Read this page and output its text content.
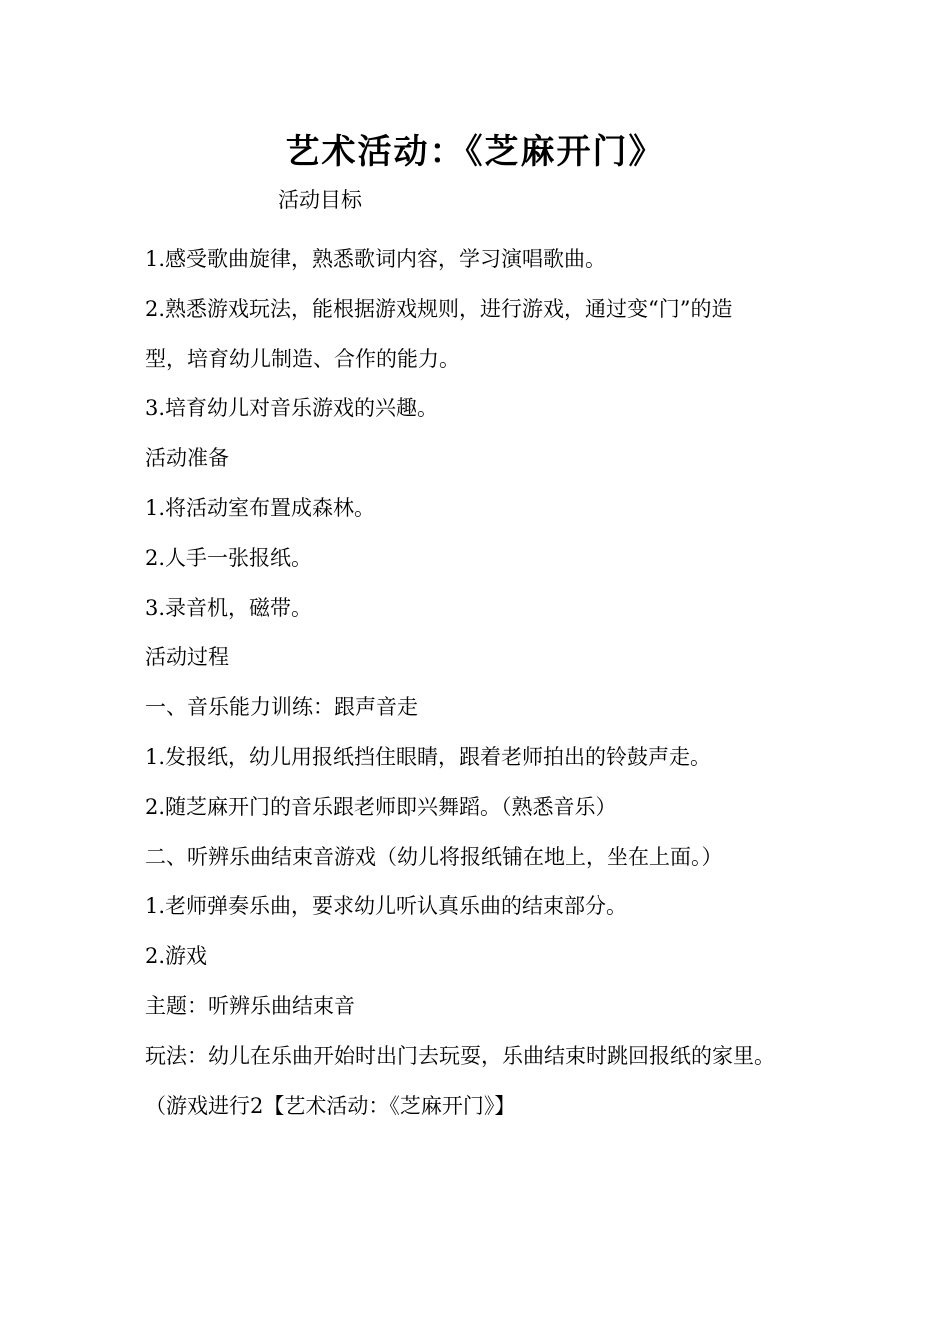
艺术活动：《芝麻开门》
活动目标
1.感受歌曲旋律，熟悉歌词内容，学习演唱歌曲。
2.熟悉游戏玩法，能根据游戏规则，进行游戏，通过变“门”的造
型，培育幼儿制造、合作的能力。
3.培育幼儿对音乐游戏的兴趣。
活动准备
1.将活动室布置成森林。
2.人手一张报纸。
3.录音机，磁带。
活动过程
一、音乐能力训练：跟声音走
1.发报纸，幼儿用报纸挡住眼睛，跟着老师拍出的铃鼓声走。
2.随芝麻开门的音乐跟老师即兴舞蹈。（熟悉音乐）
二、听辨乐曲结束音游戏（幼儿将报纸铺在地上，坐在上面。）
1.老师弹奏乐曲，要求幼儿听认真乐曲的结束部分。
2.游戏
主题：听辨乐曲结束音
玩法：幼儿在乐曲开始时出门去玩耍，乐曲结束时跳回报纸的家里。
（游戏进行2【艺术活动：《芝麻开门》】
